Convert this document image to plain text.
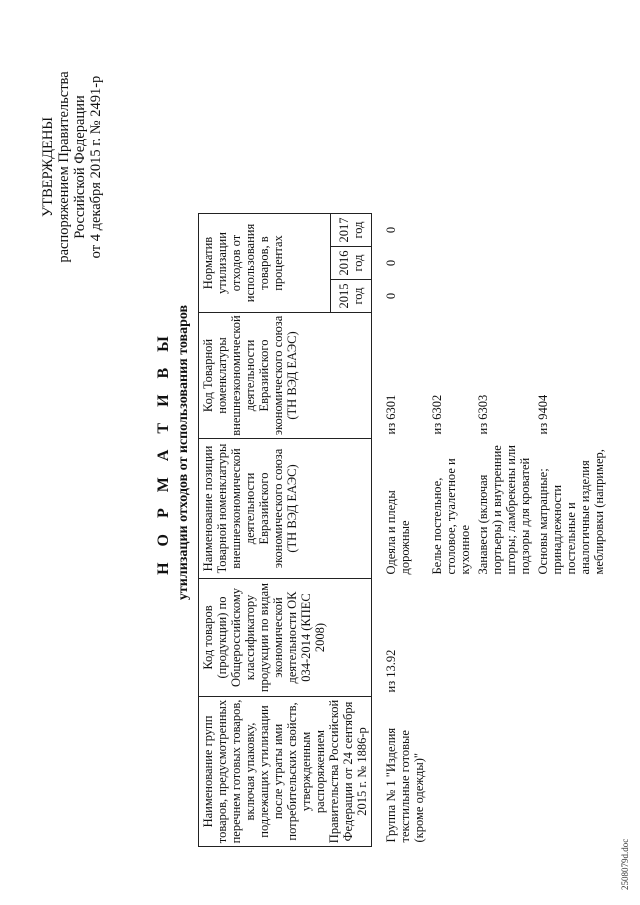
УТВЕРЖДЕНЫ распоряжением Правительства Российской Федерации от 4 декабря 2015 г. № 2491-р
Н О Р М А Т И В Ы утилизации отходов от использования товаров
Наименование групп товаров, предусмотренных перечнем готовых товаров, включая упаковку, подлежащих утилизации после утраты ими потребительских свойств, утвержденным распоряжением Правительства Российской Федерации от 24 сентября 2015 г. № 1886-р	Код товаров (продукции) по Общероссийскому классификатору продукции по видам экономической деятельности ОК 034-2014 (КПЕС 2008)	Наименование позиции Товарной номенклатуры внешнеэкономической деятельности Евразийского экономического союза (ТН ВЭД ЕАЭС)	Код Товарной номенклатуры внешнеэкономической деятельности Евразийского экономического союза (ТН ВЭД ЕАЭС)	Норматив утилизации отходов от использования товаров, в процентах		
				2015 год	2016 год	2017 год

Группа № 1 "Изделия текстильные готовые (кроме одежды)"	из 13.92	Одеяла и пледы дорожные	из 6301	0	0	0
		Белье постельное, столовое, туалетное и кухонное	из 6302			
		Занавеси (включая портьеры) и внутренние шторы; ламбрекены или подзоры для кроватей	из 6303			
		Основы матрацные; принадлежности постельные и аналогичные изделия меблировки (например,	из 9404			
2508079d.doc
